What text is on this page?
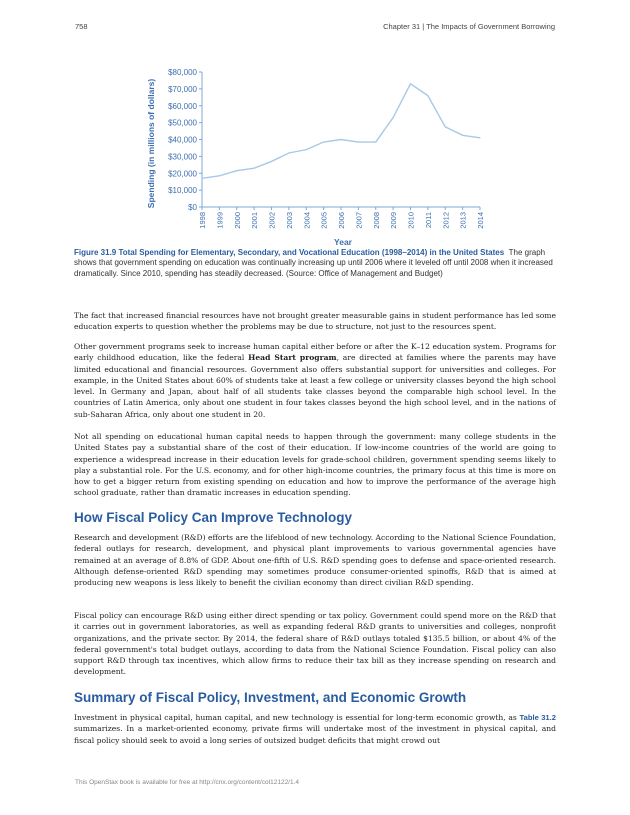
758	Chapter 31 | The Impacts of Government Borrowing
$0
$10,000
$20,000
$30,000
$40,000
$50,000
$60,000
$70,000
$80,000
1998 1999 2000 2001 2002 2003 2004 2005 2006 2007 2008 2009 2010 2011 2012 2013 2014
Year
Spending (in millions of dollars)
Figure 31.9 Total Spending for Elementary, Secondary, and Vocational Education (1998–2014) in the United States The graph shows that government spending on education was continually increasing up until 2006 where it leveled off until 2008 when it increased dramatically. Since 2010, spending has steadily decreased. (Source: Office of Management and Budget)

The fact that increased financial resources have not brought greater measurable gains in student performance has led some education experts to question whether the problems may be due to structure, not just to the resources spent.

Other government programs seek to increase human capital either before or after the K–12 education system. Programs for early childhood education, like the federal Head Start program, are directed at families where the parents may have limited educational and financial resources. Government also offers substantial support for universities and colleges. For example, in the United States about 60% of students take at least a few college or university classes beyond the high school level. In Germany and Japan, about half of all students take classes beyond the comparable high school level. In the countries of Latin America, only about one student in four takes classes beyond the high school level, and in the nations of sub-Saharan Africa, only about one student in 20.

Not all spending on educational human capital needs to happen through the government: many college students in the United States pay a substantial share of the cost of their education. If low-income countries of the world are going to experience a widespread increase in their education levels for grade-school children, government spending seems likely to play a substantial role. For the U.S. economy, and for other high-income countries, the primary focus at this time is more on how to get a bigger return from existing spending on education and how to improve the performance of the average high school graduate, rather than dramatic increases in education spending.

How Fiscal Policy Can Improve Technology

Research and development (R&D) efforts are the lifeblood of new technology. According to the National Science Foundation, federal outlays for research, development, and physical plant improvements to various governmental agencies have remained at an average of 8.8% of GDP. About one-fifth of U.S. R&D spending goes to defense and space-oriented research. Although defense-oriented R&D spending may sometimes produce consumer-oriented spinoffs, R&D that is aimed at producing new weapons is less likely to benefit the civilian economy than direct civilian R&D spending.

Fiscal policy can encourage R&D using either direct spending or tax policy. Government could spend more on the R&D that it carries out in government laboratories, as well as expanding federal R&D grants to universities and colleges, nonprofit organizations, and the private sector. By 2014, the federal share of R&D outlays totaled $135.5 billion, or about 4% of the federal government's total budget outlays, according to data from the National Science Foundation. Fiscal policy can also support R&D through tax incentives, which allow firms to reduce their tax bill as they increase spending on research and development.

Summary of Fiscal Policy, Investment, and Economic Growth

Investment in physical capital, human capital, and new technology is essential for long-term economic growth, as Table 31.2 summarizes. In a market-oriented economy, private firms will undertake most of the investment in physical capital, and fiscal policy should seek to avoid a long series of outsized budget deficits that might crowd out

This OpenStax book is available for free at http://cnx.org/content/col12122/1.4
